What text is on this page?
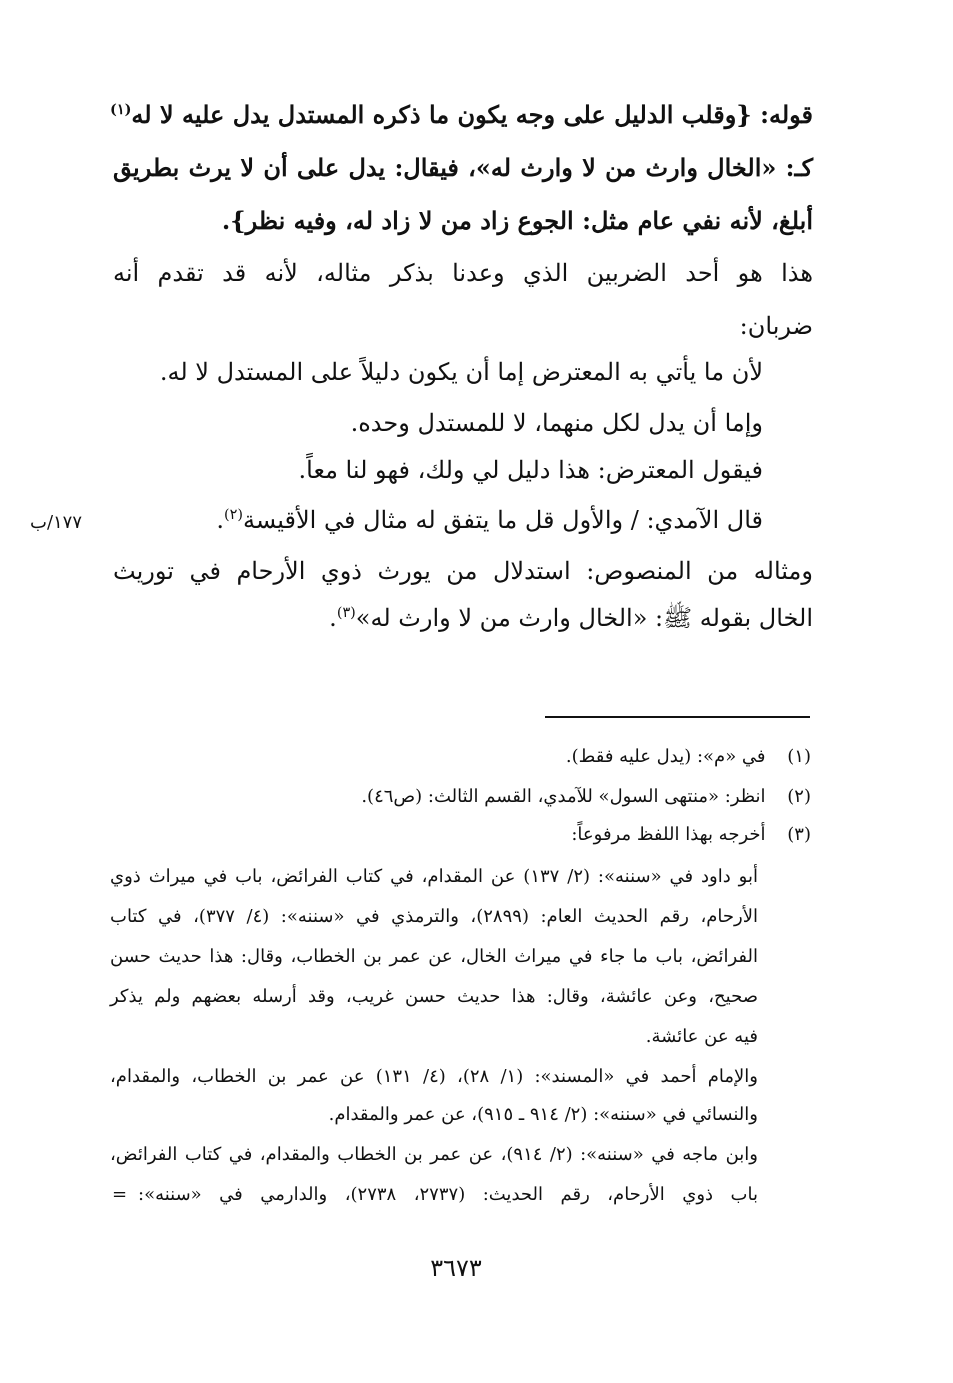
قوله: {وقلب الدليل على وجه يكون ما ذكره المستدل يدل عليه لا له$^{(١)}$
كـ: «الخال وارث من لا وارث له»، فيقال: يدل على أن لا يرث بطريق
أبلغ، لأنه نفي عام مثل: الجوع زاد من لا زاد له، وفيه نظر}.
هذا هو أحد الضربين الذي وعدنا بذكر مثاله، لأنه قد تقدم أنه
ضربان:
لأن ما يأتي به المعترض إما أن يكون دليلاً على المستدل لا له.
وإما أن يدل لكل منهما، لا للمستدل وحده.
فيقول المعترض: هذا دليل لي ولك، فهو لنا معاً.
قال الآمدي: / والأول قل ما يتفق له مثال في الأقيسة$^{(٢)}$.
ومثاله من المنصوص: استدلال من يورث ذوي الأرحام في توريث
الخال بقوله ﷺ: «الخال وارث من لا وارث له»$^{(٣)}$.
١٧٧/ب
(١) في «م»: (يدل عليه فقط).
(٢) انظر: «منتهى السول» للآمدي، القسم الثالث: (ص٤٦).
(٣) أخرجه بهذا اللفظ مرفوعاً:
أبو داود في «سننه»: (٢/ ١٣٧) عن المقدام، في كتاب الفرائض، باب في ميراث ذوي
الأرحام، رقم الحديث العام: (٢٨٩٩)، والترمذي في «سننه»: (٤/ ٣٧٧)، في كتاب
الفرائض، باب ما جاء في ميراث الخال، عن عمر بن الخطاب، وقال: هذا حديث حسن
صحيح، وعن عائشة، وقال: هذا حديث حسن غريب، وقد أرسله بعضهم ولم يذكر
فيه عن عائشة.
والإمام أحمد في «المسند»: (١/ ٢٨)، (٤/ ١٣١) عن عمر بن الخطاب، والمقدام،
والنسائي في «سننه»: (٢/ ٩١٤ ـ ٩١٥)، عن عمر والمقدام.
وابن ماجه في «سننه»: (٢/ ٩١٤)، عن عمر بن الخطاب والمقدام، في كتاب الفرائض،
باب ذوي الأرحام، رقم الحديث: (٢٧٣٧، ٢٧٣٨)، والدارمي في «سننه»:
=
٣٦٧٣
